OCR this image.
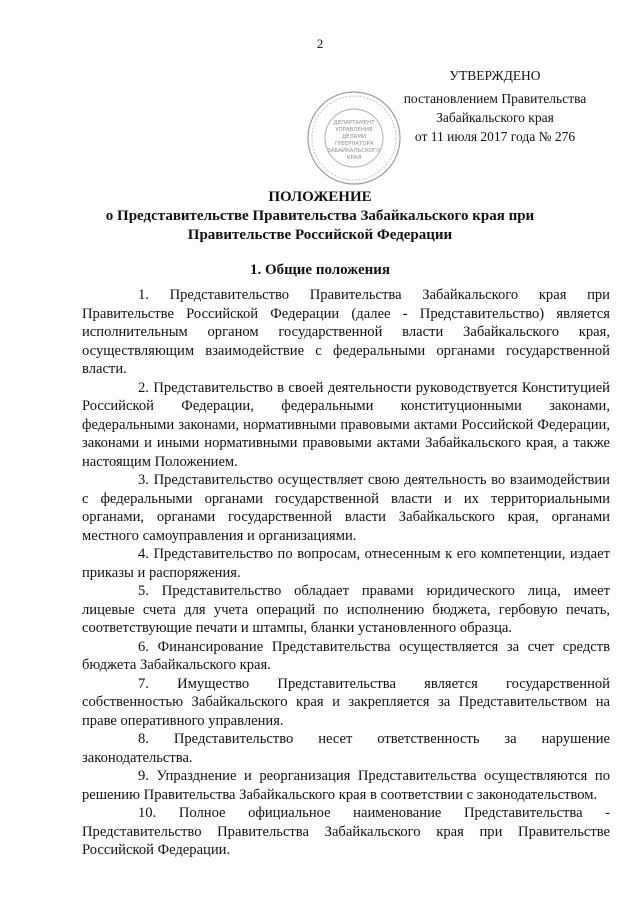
2
ДЕПАРТАМЕНТ
УПРАВЛЕНИЯ
ДЕЛАМИ
ГУБЕРНАТОРА
ЗАБАЙКАЛЬСКОГО
КРАЯ
УТВЕРЖДЕНО
постановлением Правительства
Забайкальского края
от 11 июля 2017 года № 276
ПОЛОЖЕНИЕ
о Представительстве Правительства Забайкальского края при
Правительстве Российской Федерации
1. Общие положения

1. Представительство Правительства Забайкальского края при Правительстве Российской Федерации (далее - Представительство) является исполнительным органом государственной власти Забайкальского края, осуществляющим взаимодействие с федеральными органами государственной власти.

2. Представительство в своей деятельности руководствуется Конституцией Российской Федерации, федеральными конституционными законами, федеральными законами, нормативными правовыми актами Российской Федерации, законами и иными нормативными правовыми актами Забайкальского края, а также настоящим Положением.

3. Представительство осуществляет свою деятельность во взаимодействии с федеральными органами государственной власти и их территориальными органами, органами государственной власти Забайкальского края, органами местного самоуправления и организациями.

4. Представительство по вопросам, отнесенным к его компетенции, издает приказы и распоряжения.

5. Представительство обладает правами юридического лица, имеет лицевые счета для учета операций по исполнению бюджета, гербовую печать, соответствующие печати и штампы, бланки установленного образца.

6. Финансирование Представительства осуществляется за счет средств бюджета Забайкальского края.

7. Имущество Представительства является государственной собственностью Забайкальского края и закрепляется за Представительством на праве оперативного управления.

8. Представительство несет ответственность за нарушение законодательства.

9. Упразднение и реорганизация Представительства осуществляются по решению Правительства Забайкальского края в соответствии с законодательством.

10. Полное официальное наименование Представительства - Представительство Правительства Забайкальского края при Правительстве Российской Федерации.
